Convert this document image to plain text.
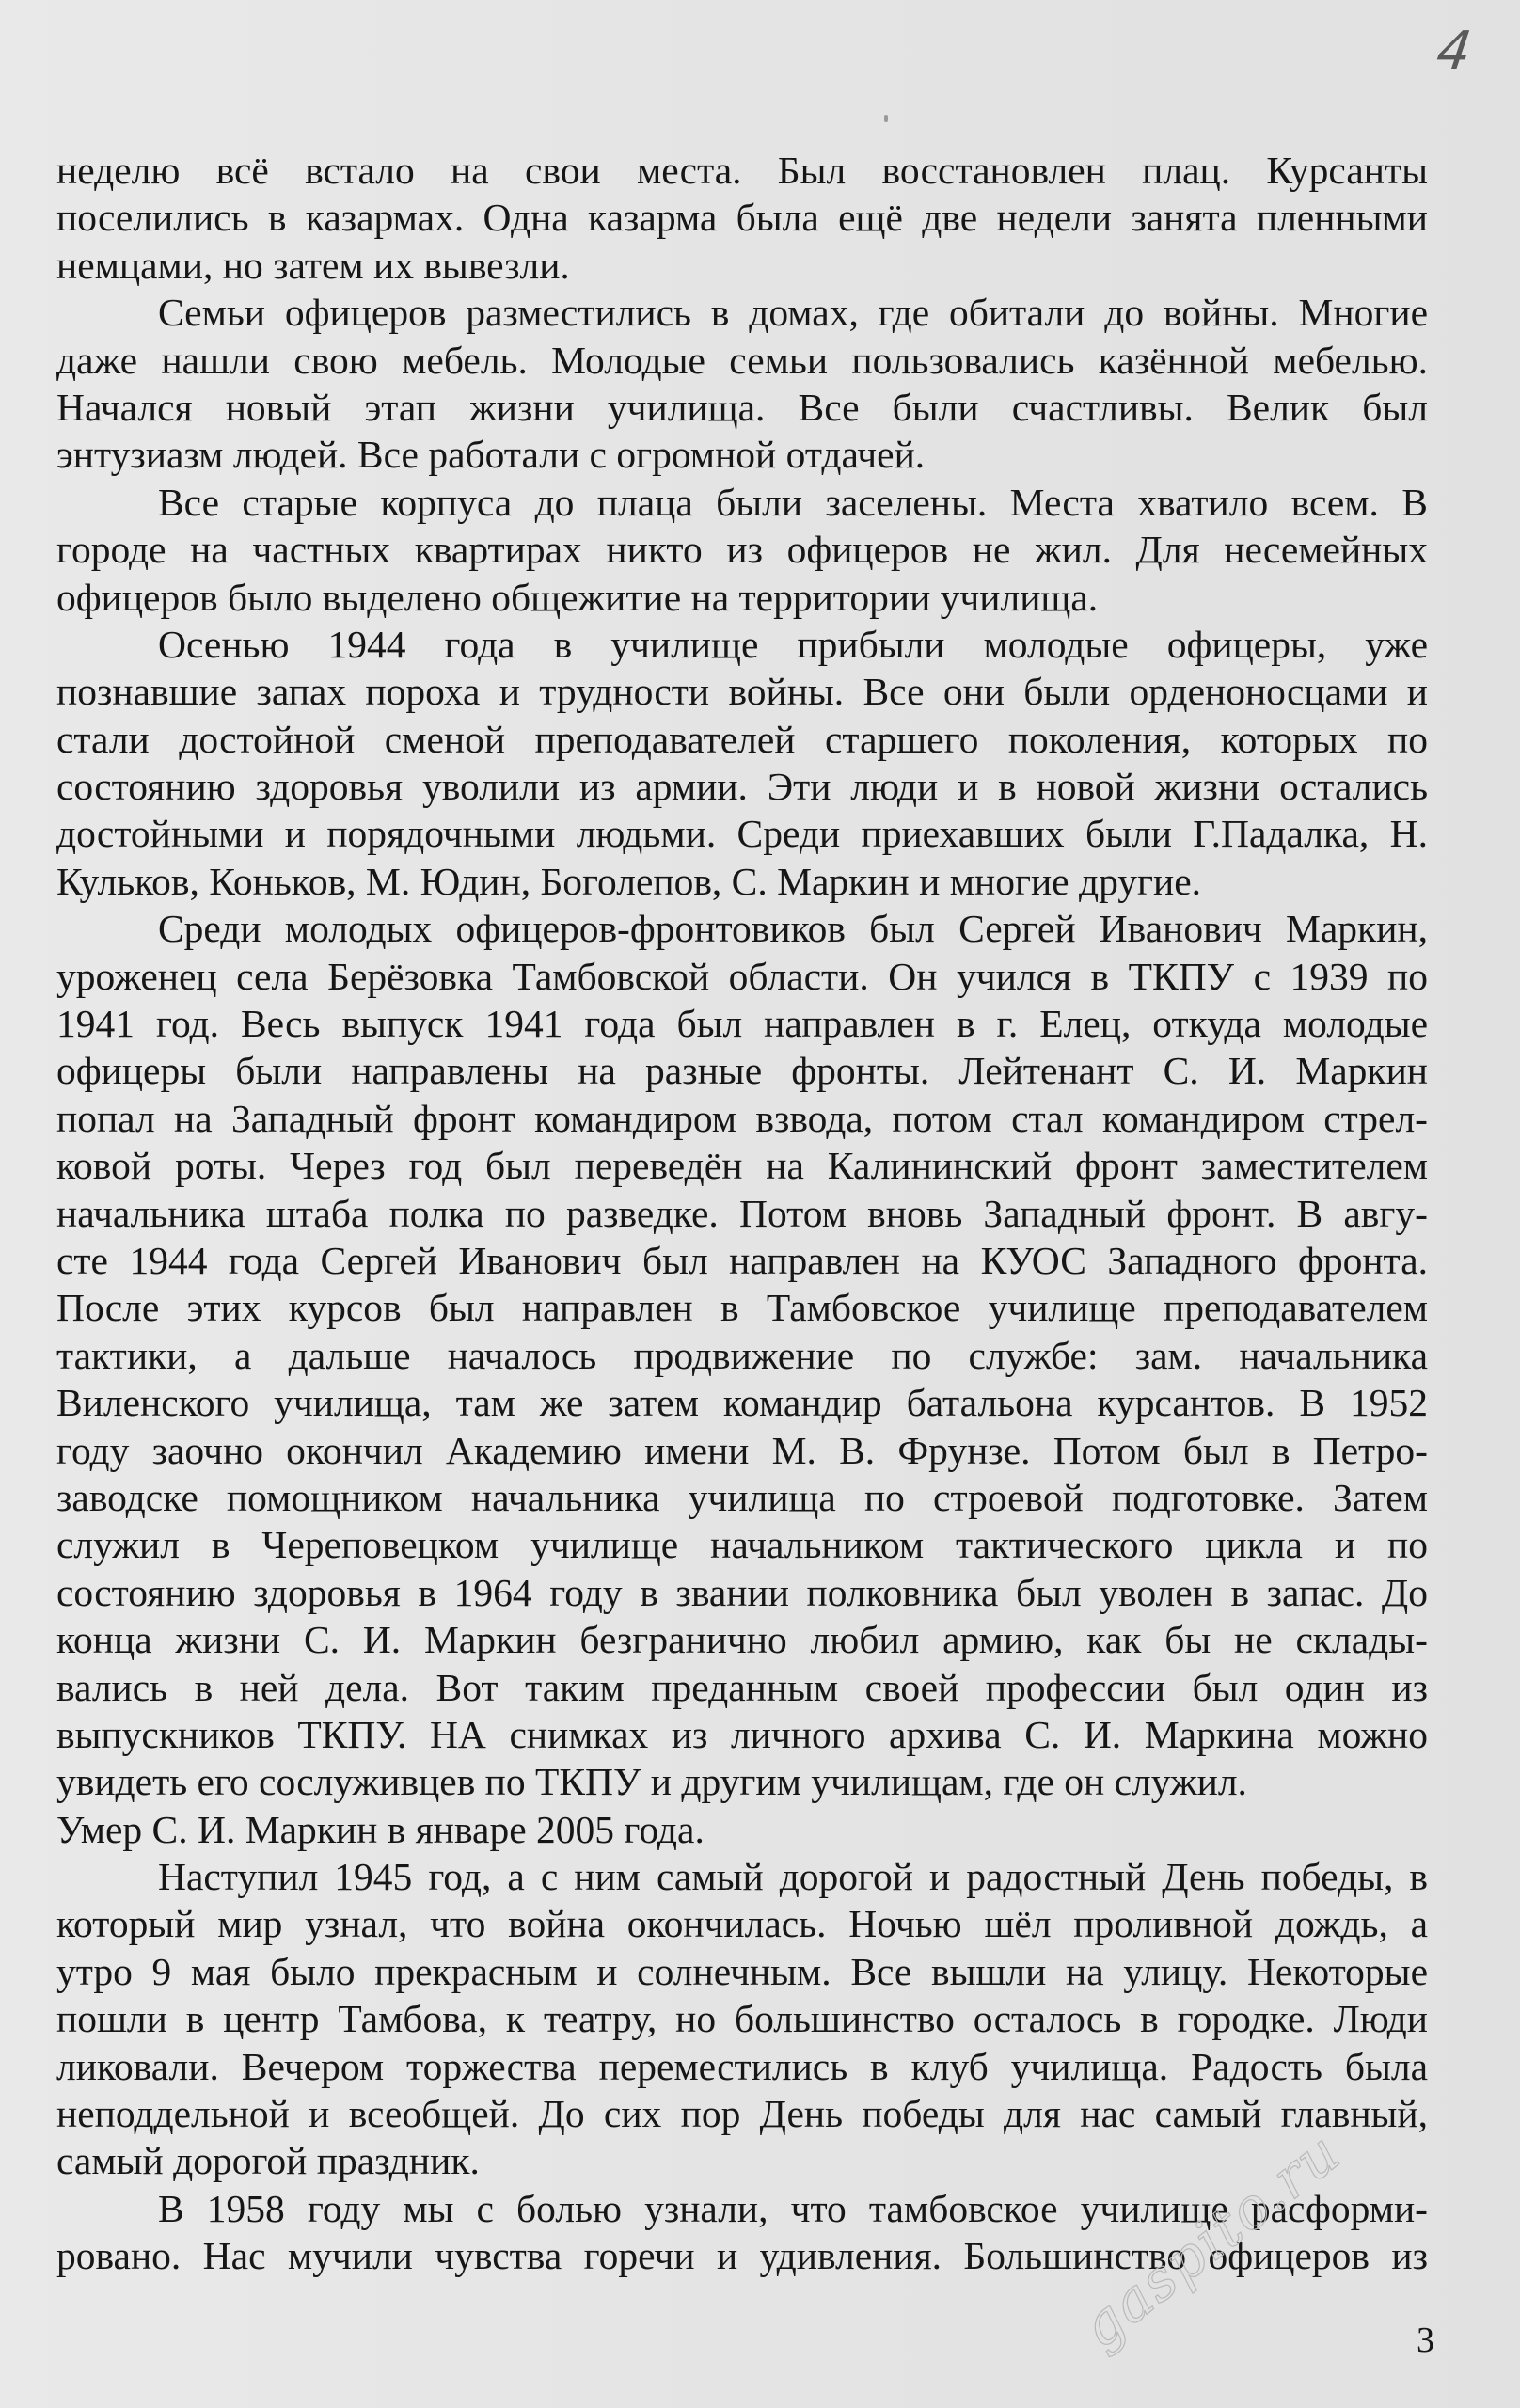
4
неделю всё встало на свои места. Был восстановлен плац. Курсанты
поселились в казармах. Одна казарма была ещё две недели занята пленными
немцами, но затем их вывезли.
Семьи офицеров разместились в домах, где обитали до войны. Многие
даже нашли свою мебель. Молодые семьи пользовались казённой мебелью.
Начался новый этап жизни училища. Все были счастливы. Велик был
энтузиазм людей. Все работали с огромной отдачей.
Все старые корпуса до плаца были заселены. Места хватило всем. В
городе на частных квартирах никто из офицеров не жил. Для несемейных
офицеров было выделено общежитие на территории училища.
Осенью 1944 года в училище прибыли молодые офицеры, уже
познавшие запах пороха и трудности войны. Все они были орденоносцами и
стали достойной сменой преподавателей старшего поколения, которых по
состоянию здоровья уволили из армии. Эти люди и в новой жизни остались
достойными и порядочными людьми. Среди приехавших были Г.Падалка, Н.
Кульков, Коньков, М. Юдин, Боголепов, С. Маркин и многие другие.
Среди молодых офицеров-фронтовиков был Сергей Иванович Маркин,
уроженец села Берёзовка Тамбовской области. Он учился в ТКПУ с 1939 по
1941 год. Весь выпуск 1941 года был направлен в г. Елец, откуда молодые
офицеры были направлены на разные фронты. Лейтенант С. И. Маркин
попал на Западный фронт командиром взвода, потом стал командиром стрел-
ковой роты. Через год был переведён на Калининский фронт заместителем
начальника штаба полка по разведке. Потом вновь Западный фронт. В авгу-
сте 1944 года Сергей Иванович был направлен на КУОС Западного фронта.
После этих курсов был направлен в Тамбовское училище преподавателем
тактики, а дальше началось продвижение по службе: зам. начальника
Виленского училища, там же затем командир батальона курсантов. В 1952
году заочно окончил Академию имени М. В. Фрунзе. Потом был в Петро-
заводске помощником начальника училища по строевой подготовке. Затем
служил в Череповецком училище начальником тактического цикла и по
состоянию здоровья в 1964 году в звании полковника был уволен в запас. До
конца жизни С. И. Маркин безгранично любил армию, как бы не склады-
вались в ней дела. Вот таким преданным своей профессии был один из
выпускников ТКПУ. НА снимках из личного архива С. И. Маркина можно
увидеть его сослуживцев по ТКПУ и другим училищам, где он служил.
Умер С. И. Маркин в январе 2005 года.
Наступил 1945 год, а с ним самый дорогой и радостный День победы, в
который мир узнал, что война окончилась. Ночью шёл проливной дождь, а
утро 9 мая было прекрасным и солнечным. Все вышли на улицу. Некоторые
пошли в центр Тамбова, к театру, но большинство осталось в городке. Люди
ликовали. Вечером торжества переместились в клуб училища. Радость была
неподдельной и всеобщей. До сих пор День победы для нас самый главный,
самый дорогой праздник.
В 1958 году мы с болью узнали, что тамбовское училище расформи-
ровано. Нас мучили чувства горечи и удивления. Большинство офицеров из
3
gaspito.ru
